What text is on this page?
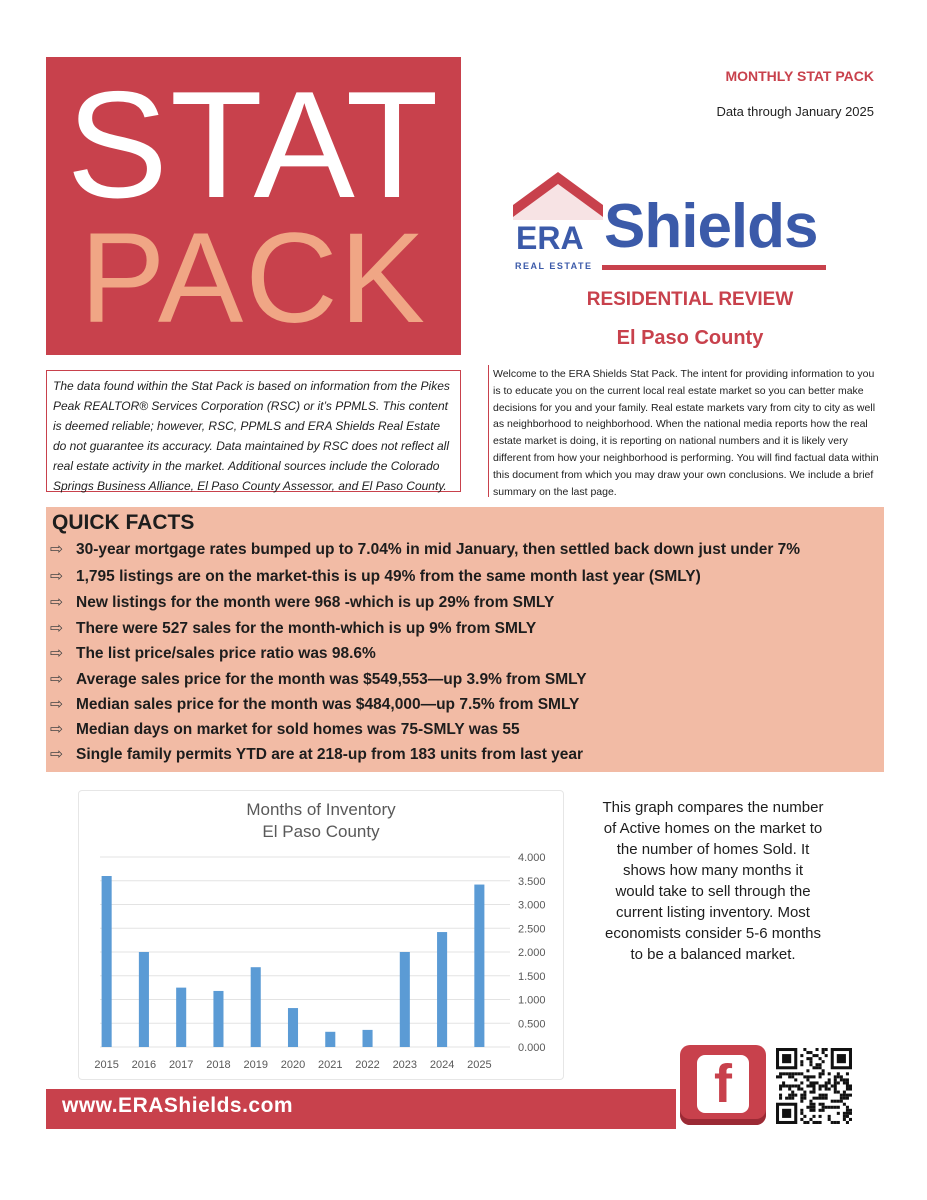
STAT
PACK
MONTHLY STAT PACK
Data through January 2025
ERA
REAL ESTATE
Shields
RESIDENTIAL REVIEW
El Paso County
The data found within the Stat Pack is based on information from the Pikes Peak REALTOR® Services Corporation (RSC) or it’s PPMLS. This content is deemed reliable; however, RSC, PPMLS and ERA Shields Real Estate do not guarantee its accuracy. Data maintained by RSC does not reflect all real estate activity in the market. Additional sources include the Colorado Springs Business Alliance, El Paso County Assessor, and El Paso County.
Welcome to the ERA Shields Stat Pack. The intent for providing information to you is to educate you on the current local real estate market so you can better make decisions for you and your family. Real estate markets vary from city to city as well as neighborhood to neighborhood. When the national media reports how the real estate market is doing, it is reporting on national numbers and it is likely very different from how your neighborhood is performing. You will find factual data within this document from which you may draw your own conclusions. We include a brief summary on the last page.
QUICK FACTS
⇨ 30-year mortgage rates bumped up to 7.04% in mid January, then settled back down just under 7%
⇨ 1,795 listings are on the market-this is up 49% from the same month last year (SMLY)
⇨ New listings for the month were 968 -which is up 29% from SMLY
⇨ There were 527 sales for the month-which is up 9% from SMLY
⇨ The list price/sales price ratio was 98.6%
⇨ Average sales price for the month was $549,553—up 3.9% from SMLY
⇨ Median sales price for the month was $484,000—up 7.5% from SMLY
⇨ Median days on market for sold homes was 75-SMLY was 55
⇨ Single family permits YTD are at 218-up from 183 units from last year
Months of Inventory
El Paso County
0.000
0.500
1.000
1.500
2.000
2.500
3.000
3.500
4.000
2015 2016 2017 2018 2019 2020 2021 2022 2023 2024 2025
This graph compares the number of Active homes on the market to the number of homes Sold. It shows how many months it would take to sell through the current listing inventory. Most economists consider 5-6 months to be a balanced market.
www.ERAShields.com	f
